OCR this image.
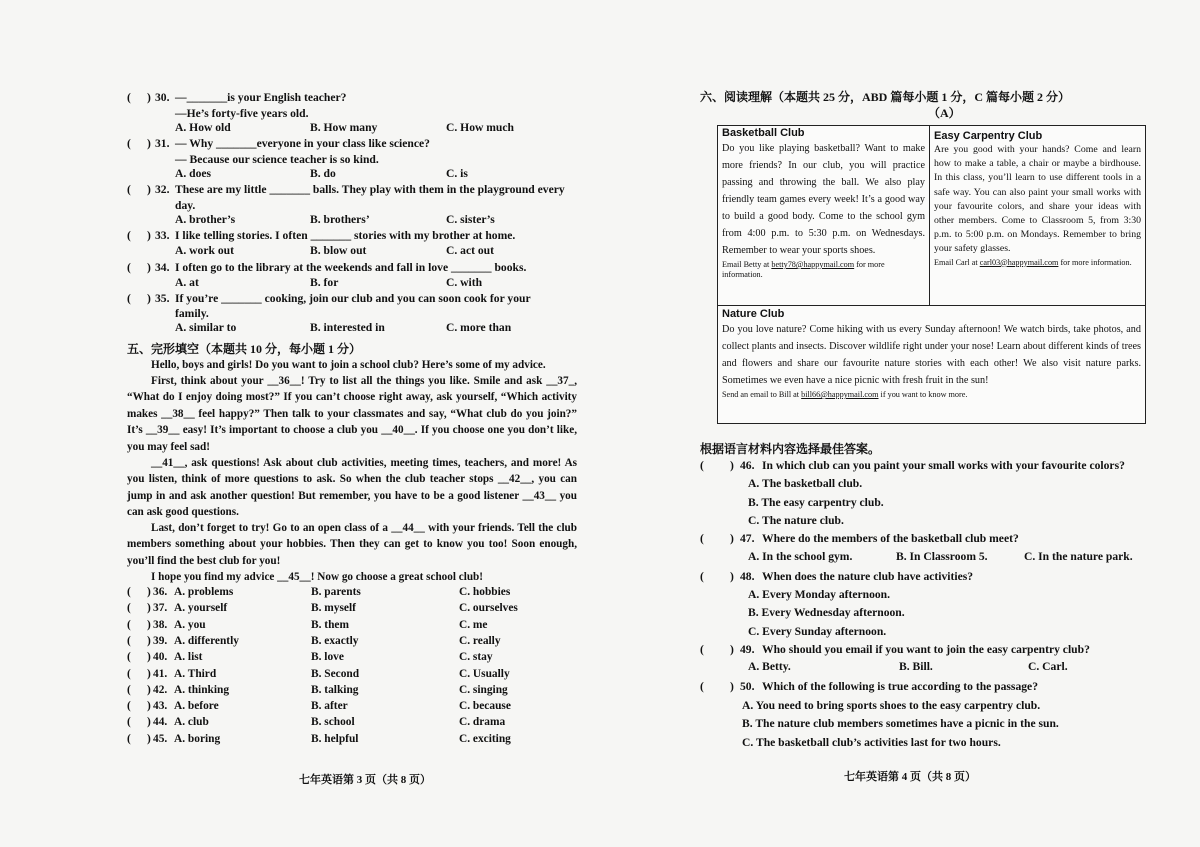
( ) 30. —_______is your English teacher?
—He’s forty-five years old.
A. How old	B. How many	C. How much
( ) 31. — Why _______everyone in your class like science?
— Because our science teacher is so kind.
A. does	B. do	C. is
( ) 32. These are my little _______ balls. They play with them in the playground every
day.
A. brother’s	B. brothers’	C. sister’s
( ) 33. I like telling stories. I often _______ stories with my brother at home.
A. work out	B. blow out	C. act out
( ) 34. I often go to the library at the weekends and fall in love _______ books.
A. at	B. for	C. with
( ) 35. If you’re _______ cooking, join our club and you can soon cook for your
family.
A. similar to	B. interested in	C. more than
五、完形填空（本题共 10 分，每小题 1 分）
Hello, boys and girls! Do you want to join a school club? Here’s some of my advice.
First, think about your __36__! Try to list all the things you like. Smile and ask __37_, “What do I enjoy doing most?” If you can’t choose right away, ask yourself, “Which activity makes __38__ feel happy?” Then talk to your classmates and say, “What club do you join?” It’s __39__ easy! It’s important to choose a club you __40__. If you choose one you don’t like, you may feel sad!
__41__, ask questions! Ask about club activities, meeting times, teachers, and more! As you listen, think of more questions to ask. So when the club teacher stops __42__, you can jump in and ask another question! But remember, you have to be a good listener __43__ you can ask good questions.
Last, don’t forget to try! Go to an open class of a __44__ with your friends. Tell the club members something about your hobbies. Then they can get to know you too! Soon enough, you’ll find the best club for you!
I hope you find my advice __45__! Now go choose a great school club!
( ) 36. A. problems	B. parents	C. hobbies
( ) 37. A. yourself	B. myself	C. ourselves
( ) 38. A. you	B. them	C. me
( ) 39. A. differently	B. exactly	C. really
( ) 40. A. list	B. love	C. stay
( ) 41. A. Third	B. Second	C. Usually
( ) 42. A. thinking	B. talking	C. singing
( ) 43. A. before	B. after	C. because
( ) 44. A. club	B. school	C. drama
( ) 45. A. boring	B. helpful	C. exciting
七年英语第 3 页（共 8 页）
六、阅读理解（本题共 25 分，ABD 篇每小题 1 分，C 篇每小题 2 分）
（A）
Basketball Club
Do you like playing basketball? Want to make more friends? In our club, you will practice passing and throwing the ball. We also play friendly team games every week! It’s a good way to build a good body. Come to the school gym from 4:00 p.m. to 5:30 p.m. on Wednesdays. Remember to wear your sports shoes.
Email Betty at betty78@happymail.com for more information.
Easy Carpentry Club
Are you good with your hands? Come and learn how to make a table, a chair or maybe a birdhouse. In this class, you’ll learn to use different tools in a safe way. You can also paint your small works with your favourite colors, and share your ideas with other members. Come to Classroom 5, from 3:30 p.m. to 5:00 p.m. on Mondays. Remember to bring your safety glasses.
Email Carl at carl03@happymail.com for more information.
Nature Club
Do you love nature? Come hiking with us every Sunday afternoon! We watch birds, take photos, and collect plants and insects. Discover wildlife right under your nose! Learn about different kinds of trees and flowers and share our favourite nature stories with each other! We also visit nature parks. Sometimes we even have a nice picnic with fresh fruit in the sun!
Send an email to Bill at bill66@happymail.com if you want to know more.
根据语言材料内容选择最佳答案。
( ) 46. In which club can you paint your small works with your favourite colors?
A. The basketball club.
B. The easy carpentry club.
C. The nature club.
( ) 47. Where do the members of the basketball club meet?
A. In the school gym.	B. In Classroom 5.	C. In the nature park.
( ) 48. When does the nature club have activities?
A. Every Monday afternoon.
B. Every Wednesday afternoon.
C. Every Sunday afternoon.
( ) 49. Who should you email if you want to join the easy carpentry club?
A. Betty.	B. Bill.	C. Carl.
( ) 50. Which of the following is true according to the passage?
A. You need to bring sports shoes to the easy carpentry club.
B. The nature club members sometimes have a picnic in the sun.
C. The basketball club’s activities last for two hours.
七年英语第 4 页（共 8 页）
